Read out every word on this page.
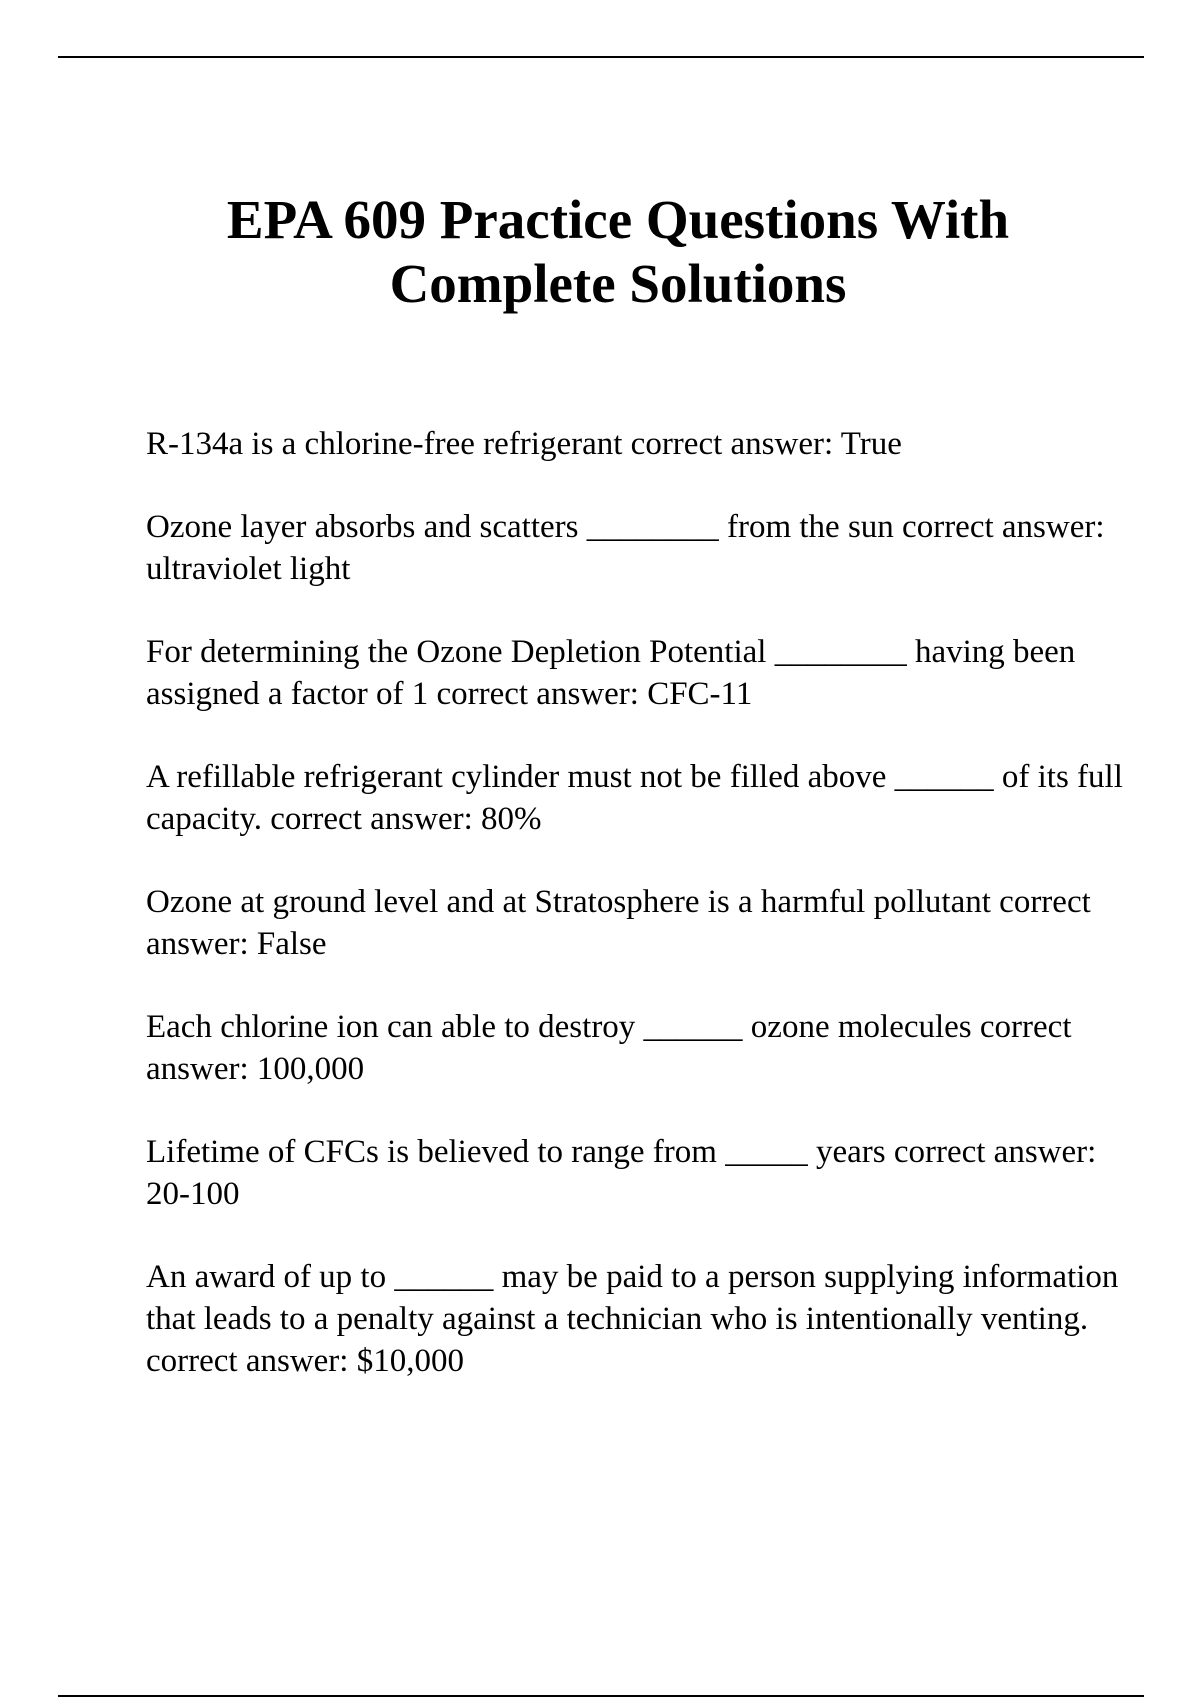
EPA 609 Practice Questions With
Complete Solutions
R-134a is a chlorine-free refrigerant correct answer: True
Ozone layer absorbs and scatters ________ from the sun correct answer: ultraviolet light
For determining the Ozone Depletion Potential ________ having been assigned a factor of 1 correct answer: CFC-11
A refillable refrigerant cylinder must not be filled above ______ of its full capacity. correct answer: 80%
Ozone at ground level and at Stratosphere is a harmful pollutant correct answer: False
Each chlorine ion can able to destroy ______ ozone molecules correct answer: 100,000
Lifetime of CFCs is believed to range from _____ years correct answer: 20-100
An award of up to ______ may be paid to a person supplying information that leads to a penalty against a technician who is intentionally venting. correct answer: $10,000
